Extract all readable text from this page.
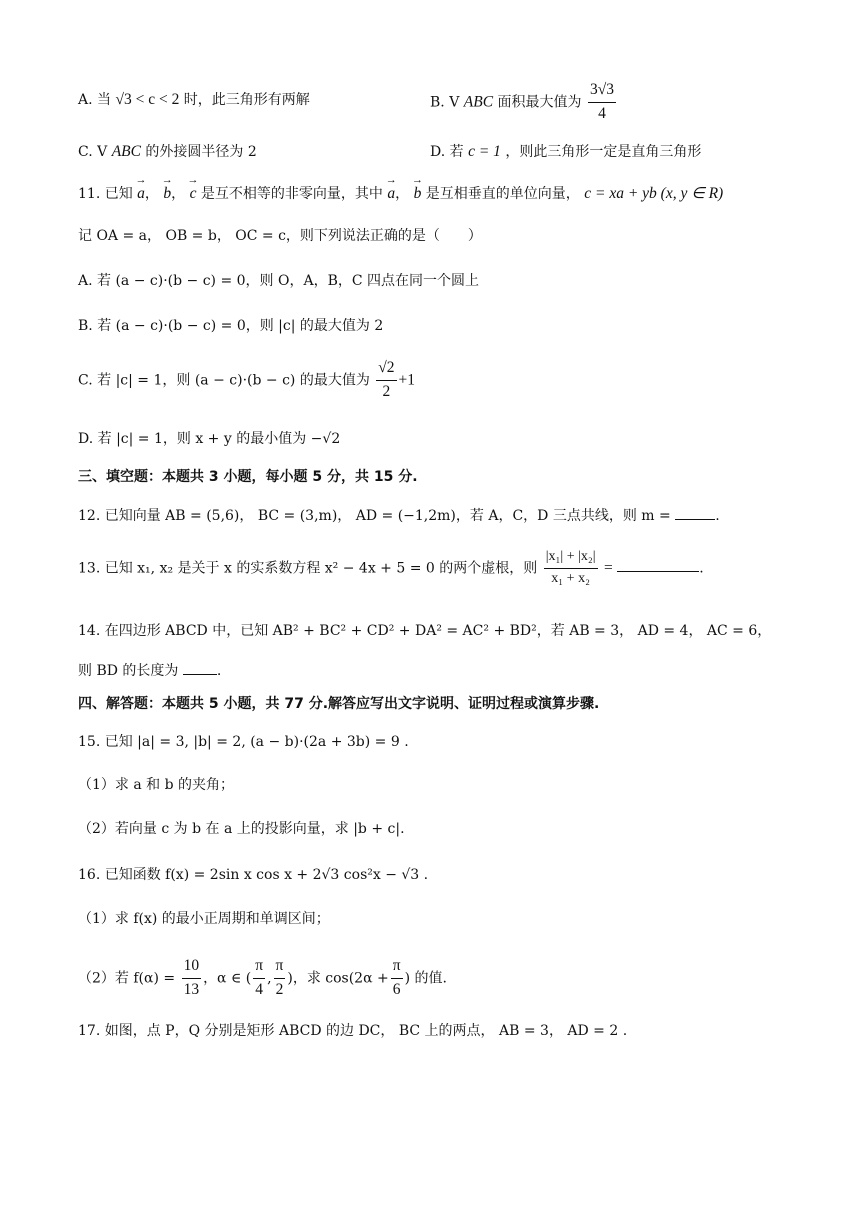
A. 当 √3 < c < 2 时，此三角形有两解	B. V ABC 面积最大值为 $\frac{3√3}{4}$
C. V ABC 的外接圆半径为 2	D. 若 c = 1 ，则此三角形一定是直角三角形
11. 已知 → a， → b， → c 是互不相等的非零向量，其中 → a， → b 是互相垂直的单位向量， c = xa + yb (x, y ∈ R)
记 OA = a， OB = b， OC = c，则下列说法正确的是（　　）
A. 若 (a − c)·(b − c) = 0，则 O，A，B，C 四点在同一个圆上
B. 若 (a − c)·(b − c) = 0，则 |c| 的最大值为 2
C. 若 |c| = 1，则 (a − c)·(b − c) 的最大值为 $\frac{√2}{2} +1$
D. 若 |c| = 1，则 x + y 的最小值为 −√2
三、填空题：本题共 3 小题，每小题 5 分，共 15 分.
12. 已知向量 AB = (5,6)， BC = (3,m)， AD = (−1,2m)，若 A，C，D 三点共线，则 m =	.
13. 已知 x₁, x₂ 是关于 x 的实系数方程 x² − 4x + 5 = 0 的两个虚根，则 $\frac{\text{|x₁| + |x₂|}}{\text{x₁ + x₂}}$ =	.
14. 在四边形 ABCD 中，已知 AB² + BC² + CD² + DA² = AC² + BD²，若 AB = 3， AD = 4， AC = 6，
则 BD 的长度为	.
四、解答题：本题共 5 小题，共 77 分.解答应写出文字说明、证明过程或演算步骤.
15. 已知 |a| = 3, |b| = 2, (a − b)·(2a + 3b) = 9 .
（1）求 a 和 b 的夹角；
（2）若向量 c 为 b 在 a 上的投影向量，求 |b + c|.
16. 已知函数 f(x) = 2sin x cos x + 2√3 cos²x − √3 .
（1）求 f(x) 的最小正周期和单调区间；
（2）若 $f(\alpha) = \frac{10}{13}$ ，α ∈ ( $\frac{\pi}{4}$ , $\frac{\pi}{2}$ )，求 $\cos(2\alpha + \frac{\pi}{6}$ ) 的值.
17. 如图，点 P，Q 分别是矩形 ABCD 的边 DC， BC 上的两点， AB = 3， AD = 2 .
